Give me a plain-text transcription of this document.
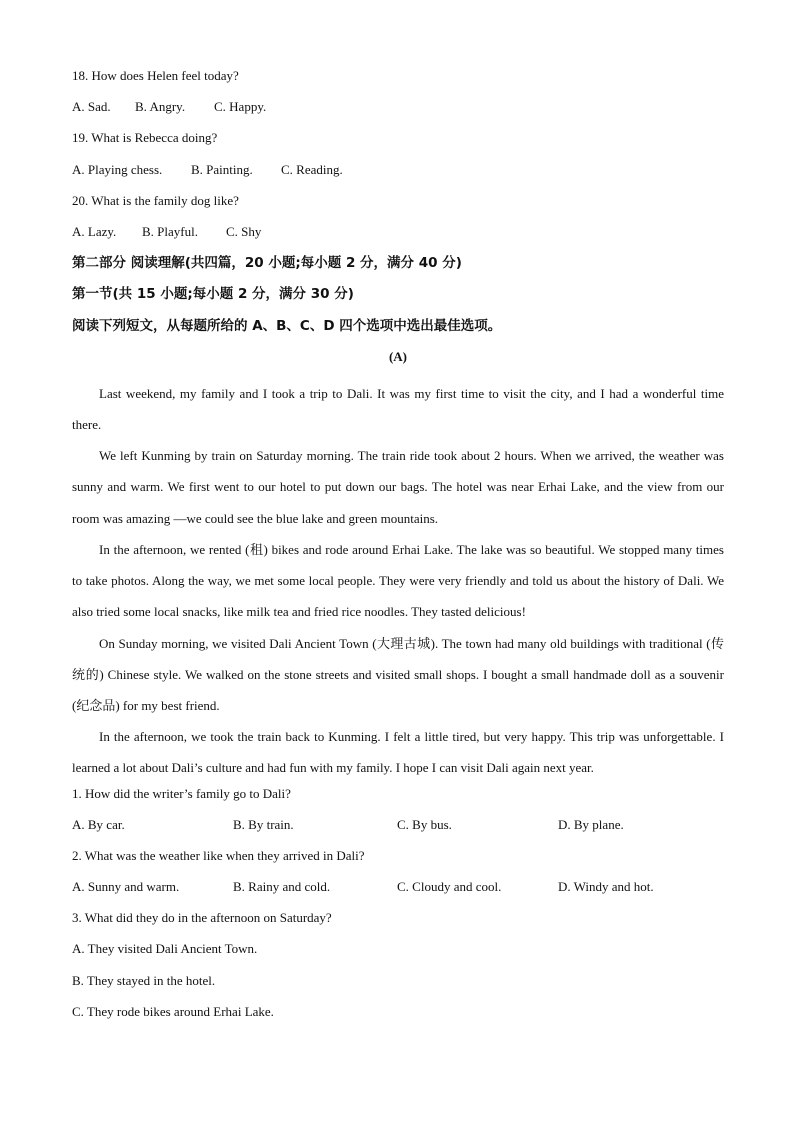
18. How does Helen feel today?
A. Sad. B. Angry. C. Happy.
19. What is Rebecca doing?
A. Playing chess. B. Painting. C. Reading.
20. What is the family dog like?
A. Lazy. B. Playful. C. Shy
第二部分 阅读理解(共四篇，20 小题;每小题 2 分，满分 40 分)
第一节(共 15 小题;每小题 2 分，满分 30 分)
阅读下列短文，从每题所给的 A、B、C、D 四个选项中选出最佳选项。
(A)
Last weekend, my family and I took a trip to Dali. It was my first time to visit the city, and I had a wonderful time there.
We left Kunming by train on Saturday morning. The train ride took about 2 hours. When we arrived, the weather was sunny and warm. We first went to our hotel to put down our bags. The hotel was near Erhai Lake, and the view from our room was amazing —we could see the blue lake and green mountains.
In the afternoon, we rented (租) bikes and rode around Erhai Lake. The lake was so beautiful. We stopped many times to take photos. Along the way, we met some local people. They were very friendly and told us about the history of Dali. We also tried some local snacks, like milk tea and fried rice noodles. They tasted delicious!
On Sunday morning, we visited Dali Ancient Town (大理古城). The town had many old buildings with traditional (传统的) Chinese style. We walked on the stone streets and visited small shops. I bought a small handmade doll as a souvenir (纪念品) for my best friend.
In the afternoon, we took the train back to Kunming. I felt a little tired, but very happy. This trip was unforgettable. I learned a lot about Dali’s culture and had fun with my family. I hope I can visit Dali again next year.
1. How did the writer’s family go to Dali?
A. By car.	B. By train.	C. By bus.	D. By plane.
2. What was the weather like when they arrived in Dali?
A. Sunny and warm.	B. Rainy and cold.	C. Cloudy and cool.	D. Windy and hot.
3. What did they do in the afternoon on Saturday?
A. They visited Dali Ancient Town.
B. They stayed in the hotel.
C. They rode bikes around Erhai Lake.
